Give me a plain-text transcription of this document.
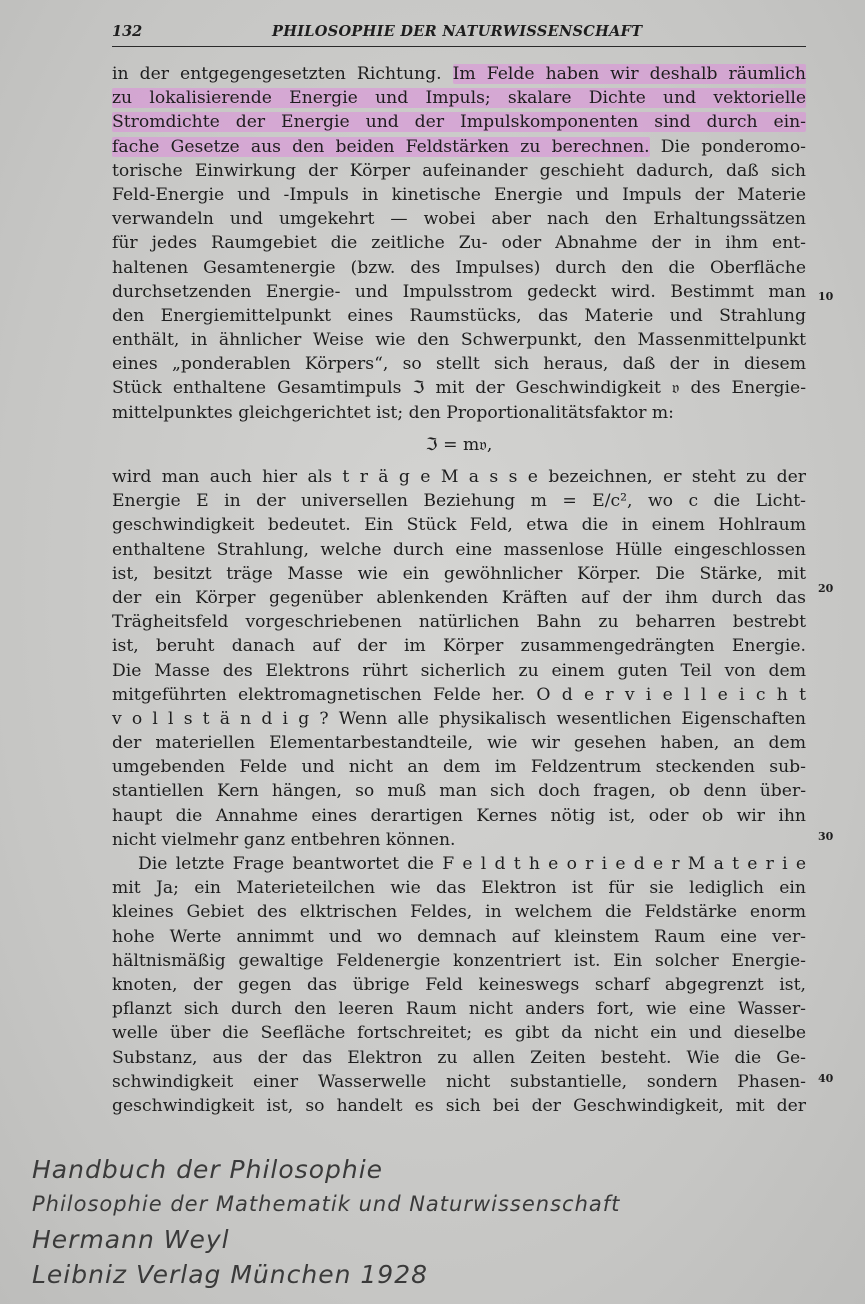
132	PHILOSOPHIE DER NATURWISSENSCHAFT
in der entgegengesetzten Richtung. Im Felde haben wir deshalb räumlich
zu lokalisierende Energie und Impuls; skalare Dichte und vektorielle
Stromdichte der Energie und der Impulskomponenten sind durch ein-
fache Gesetze aus den beiden Feldstärken zu berechnen. Die ponderomo-
torische Einwirkung der Körper aufeinander geschieht dadurch, daß sich
Feld-Energie und -Impuls in kinetische Energie und Impuls der Materie
verwandeln und umgekehrt — wobei aber nach den Erhaltungssätzen
für jedes Raumgebiet die zeitliche Zu- oder Abnahme der in ihm ent-
haltenen Gesamtenergie (bzw. des Impulses) durch den die Oberfläche
durchsetzenden Energie- und Impulsstrom gedeckt wird. Bestimmt man
den Energiemittelpunkt eines Raumstücks, das Materie und Strahlung
enthält, in ähnlicher Weise wie den Schwerpunkt, den Massenmittelpunkt
eines „ponderablen Körpers“, so stellt sich heraus, daß der in diesem
Stück enthaltene Gesamtimpuls ℑ mit der Geschwindigkeit 𝔳 des Energie-
mittelpunktes gleichgerichtet ist; den Proportionalitätsfaktor m:
ℑ = m𝔳,
wird man auch hier als t r ä g e M a s s e bezeichnen, er steht zu der
Energie E in der universellen Beziehung m = E/c², wo c die Licht-
geschwindigkeit bedeutet. Ein Stück Feld, etwa die in einem Hohlraum
enthaltene Strahlung, welche durch eine massenlose Hülle eingeschlossen
ist, besitzt träge Masse wie ein gewöhnlicher Körper. Die Stärke, mit
der ein Körper gegenüber ablenkenden Kräften auf der ihm durch das
Trägheitsfeld vorgeschriebenen natürlichen Bahn zu beharren bestrebt
ist, beruht danach auf der im Körper zusammengedrängten Energie.
Die Masse des Elektrons rührt sicherlich zu einem guten Teil von dem
mitgeführten elektromagnetischen Felde her. O d e r v i e l l e i c h t
v o l l s t ä n d i g ? Wenn alle physikalisch wesentlichen Eigenschaften
der materiellen Elementarbestandteile, wie wir gesehen haben, an dem
umgebenden Felde und nicht an dem im Feldzentrum steckenden sub-
stantiellen Kern hängen, so muß man sich doch fragen, ob denn über-
haupt die Annahme eines derartigen Kernes nötig ist, oder ob wir ihn
nicht vielmehr ganz entbehren können.
Die letzte Frage beantwortet die F e l d t h e o r i e d e r M a t e r i e
mit Ja; ein Materieteilchen wie das Elektron ist für sie lediglich ein
kleines Gebiet des elktrischen Feldes, in welchem die Feldstärke enorm
hohe Werte annimmt und wo demnach auf kleinstem Raum eine ver-
hältnismäßig gewaltige Feldenergie konzentriert ist. Ein solcher Energie-
knoten, der gegen das übrige Feld keineswegs scharf abgegrenzt ist,
pflanzt sich durch den leeren Raum nicht anders fort, wie eine Wasser-
welle über die Seefläche fortschreitet; es gibt da nicht ein und dieselbe
Substanz, aus der das Elektron zu allen Zeiten besteht. Wie die Ge-
schwindigkeit einer Wasserwelle nicht substantielle, sondern Phasen-
geschwindigkeit ist, so handelt es sich bei der Geschwindigkeit, mit der
10
20
30
40
Handbuch der Philosophie
Philosophie der Mathematik und Naturwissenschaft
Hermann Weyl
Leibniz Verlag München 1928
